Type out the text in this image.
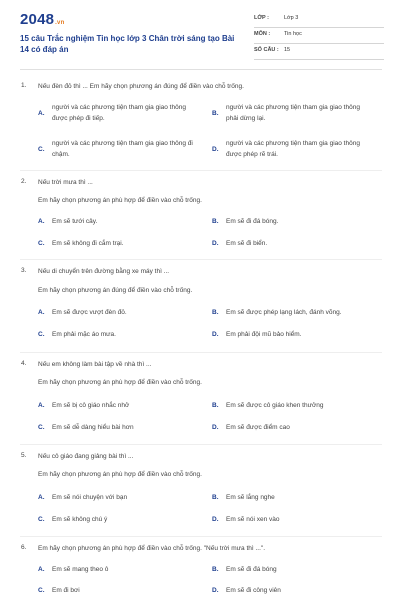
2048.vn
15 câu Trắc nghiệm Tin học lớp 3 Chân trời sáng tạo Bài 14 có đáp án
LỚP :	Lớp 3
MÔN :	Tin học
SỐ CÂU : 15
1. Nếu đèn đỏ thì ... Em hãy chọn phương án đúng để điền vào chỗ trống.
A.
người và các phương tiện tham gia giao thông được phép đi tiếp.
B.
người và các phương tiện tham gia giao thông phải dừng lại.
C.
người và các phương tiện tham gia giao thông đi chậm.
D.
người và các phương tiện tham gia giao thông được phép rẽ trái.
2. Nếu trời mưa thì ...
Em hãy chọn phương án phù hợp để điền vào chỗ trống.
A. Em sẽ tưới cây.	B. Em sẽ đi đá bóng.
C. Em sẽ không đi cắm trại.	D. Em sẽ đi biển.
3. Nếu di chuyển trên đường bằng xe máy thì ...
Em hãy chọn phương án đúng để điền vào chỗ trống.
A. Em sẽ được vượt đèn đỏ.	B. Em sẽ được phép lạng lách, đánh võng.
C. Em phải mặc áo mưa.	D. Em phải đội mũ bảo hiểm.
4. Nếu em không làm bài tập về nhà thì ...
Em hãy chọn phương án phù hợp để điền vào chỗ trống.
A. Em sẽ bị cô giáo nhắc nhở	B. Em sẽ được cô giáo khen thưởng
C. Em sẽ dễ dàng hiểu bài hơn	D. Em sẽ được điểm cao
5. Nếu cô giáo đang giảng bài thì ...
Em hãy chọn phương án phù hợp để điền vào chỗ trống.
A. Em sẽ nói chuyện với bạn	B. Em sẽ lắng nghe
C. Em sẽ không chú ý	D. Em sẽ nói xen vào
6. Em hãy chọn phương án phù hợp để điền vào chỗ trống. "Nếu trời mưa thì ...".
A. Em sẽ mang theo ô	B. Em sẽ đi đá bóng
C. Em đi bơi	D. Em sẽ đi công viên
